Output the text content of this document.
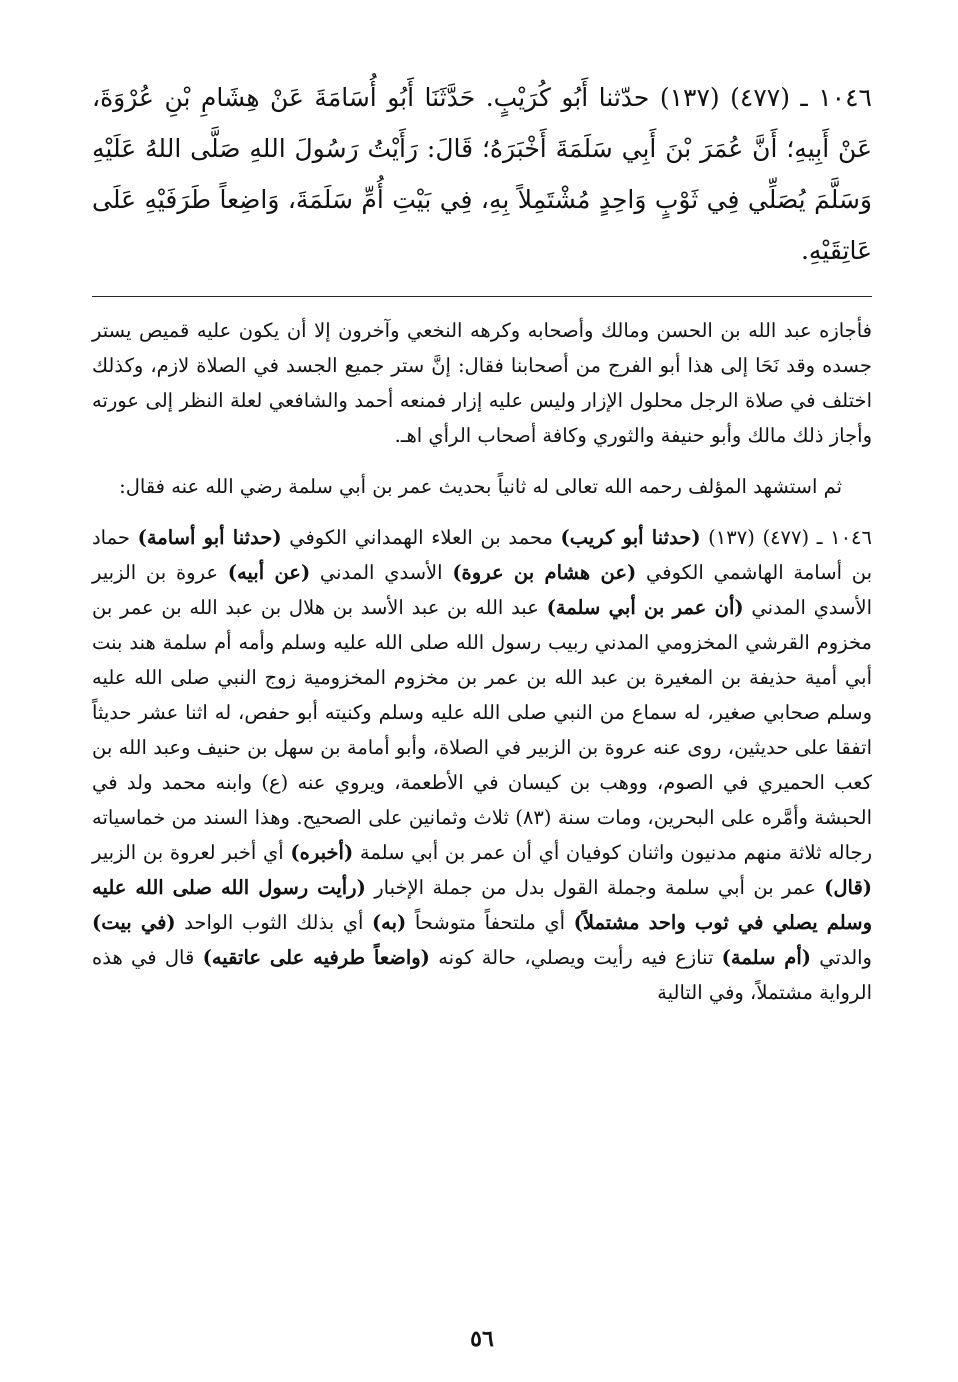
١٠٤٦ ـ (٤٧٧) (١٣٧) حدّثنا أَبُو كُرَيْبٍ. حَدَّثَنَا أَبُو أُسَامَةَ عَنْ هِشَامِ بْنِ عُرْوَةَ، عَنْ أَبِيهِ؛ أَنَّ عُمَرَ بْنَ أَبِي سَلَمَةَ أَخْبَرَهُ؛ قَالَ: رَأَيْتُ رَسُولَ اللهِ صَلَّى اللهُ عَلَيْهِ وَسَلَّمَ يُصَلِّي فِي ثَوْبٍ وَاحِدٍ مُشْتَمِلاً بِهِ، فِي بَيْتِ أُمِّ سَلَمَةَ، وَاضِعاً طَرَفَيْهِ عَلَى عَاتِقَيْهِ.

فأجازه عبد الله بن الحسن ومالك وأصحابه وكرهه النخعي وآخرون إلا أن يكون عليه قميص يستر جسده وقد نَحَا إلى هذا أبو الفرج من أصحابنا فقال: إنَّ ستر جميع الجسد في الصلاة لازم، وكذلك اختلف في صلاة الرجل محلول الإزار وليس عليه إزار فمنعه أحمد والشافعي لعلة النظر إلى عورته وأجاز ذلك مالك وأبو حنيفة والثوري وكافة أصحاب الرأي اهـ.

ثم استشهد المؤلف رحمه الله تعالى له ثانياً بحديث عمر بن أبي سلمة رضي الله عنه فقال:

١٠٤٦ ـ (٤٧٧) (١٣٧) (حدثنا أبو كريب) محمد بن العلاء الهمداني الكوفي (حدثنا أبو أسامة) حماد بن أسامة الهاشمي الكوفي (عن هشام بن عروة) الأسدي المدني (عن أبيه) عروة بن الزبير الأسدي المدني (أن عمر بن أبي سلمة) عبد الله بن عبد الأسد بن هلال بن عبد الله بن عمر بن مخزوم القرشي المخزومي المدني ربيب رسول الله صلى الله عليه وسلم وأمه أم سلمة هند بنت أبي أمية حذيفة بن المغيرة بن عبد الله بن عمر بن مخزوم المخزومية زوج النبي صلى الله عليه وسلم صحابي صغير، له سماع من النبي صلى الله عليه وسلم وكنيته أبو حفص، له اثنا عشر حديثاً اتفقا على حديثين، روى عنه عروة بن الزبير في الصلاة، وأبو أمامة بن سهل بن حنيف وعبد الله بن كعب الحميري في الصوم، ووهب بن كيسان في الأطعمة، ويروي عنه (ع) وابنه محمد ولد في الحبشة وأمَّره على البحرين، ومات سنة (٨٣) ثلاث وثمانين على الصحيح. وهذا السند من خماسياته رجاله ثلاثة منهم مدنيون واثنان كوفيان أي أن عمر بن أبي سلمة (أخبره) أي أخبر لعروة بن الزبير (قال) عمر بن أبي سلمة وجملة القول بدل من جملة الإخبار (رأيت رسول الله صلى الله عليه وسلم يصلي في ثوب واحد مشتملاً) أي ملتحفاً متوشحاً (به) أي بذلك الثوب الواحد (في بيت) والدتي (أم سلمة) تنازع فيه رأيت ويصلي، حالة كونه (واضعاً طرفيه على عاتقيه) قال في هذه الرواية مشتملاً، وفي التالية

٥٦
